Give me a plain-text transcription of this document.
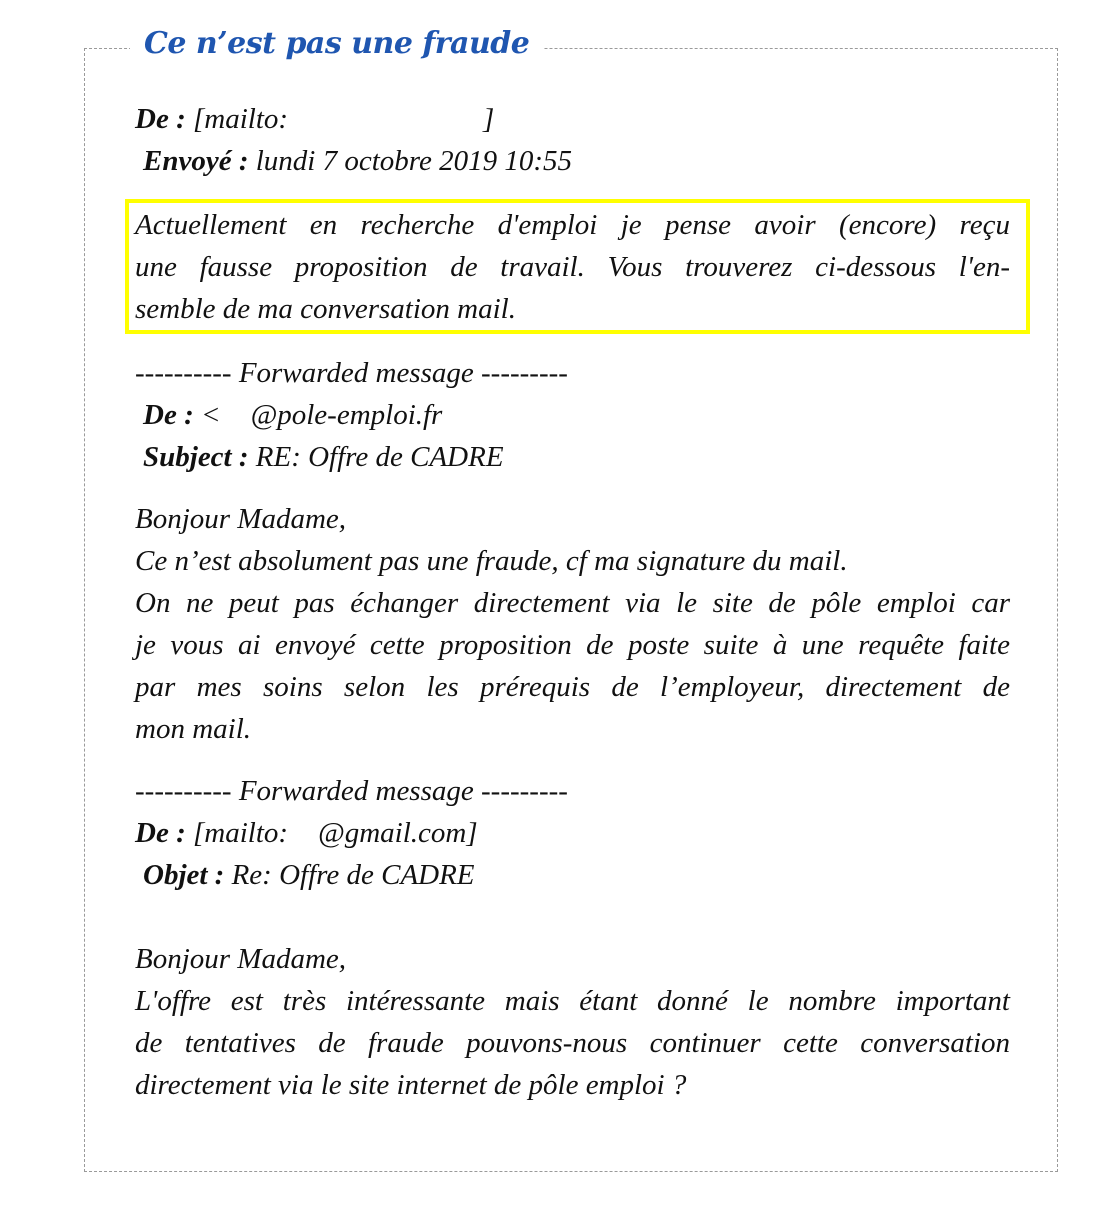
Ce n’est pas une fraude
De : [mailto:	]
Envoyé : lundi 7 octobre 2019 10:55
Actuellement en recherche d'emploi je pense avoir (encore) reçu
une fausse proposition de travail. Vous trouverez ci-dessous l'en-
semble de ma conversation mail.
---------- Forwarded message ---------
De : < @pole-emploi.fr
Subject : RE: Offre de CADRE
Bonjour Madame,
Ce n’est absolument pas une fraude, cf ma signature du mail.
On ne peut pas échanger directement via le site de pôle emploi car
je vous ai envoyé cette proposition de poste suite à une requête faite
par mes soins selon les prérequis de l’employeur, directement de
mon mail.
---------- Forwarded message ---------
De : [mailto: @gmail.com]
Objet : Re: Offre de CADRE
Bonjour Madame,
L'offre est très intéressante mais étant donné le nombre important
de tentatives de fraude pouvons-nous continuer cette conversation
directement via le site internet de pôle emploi ?
